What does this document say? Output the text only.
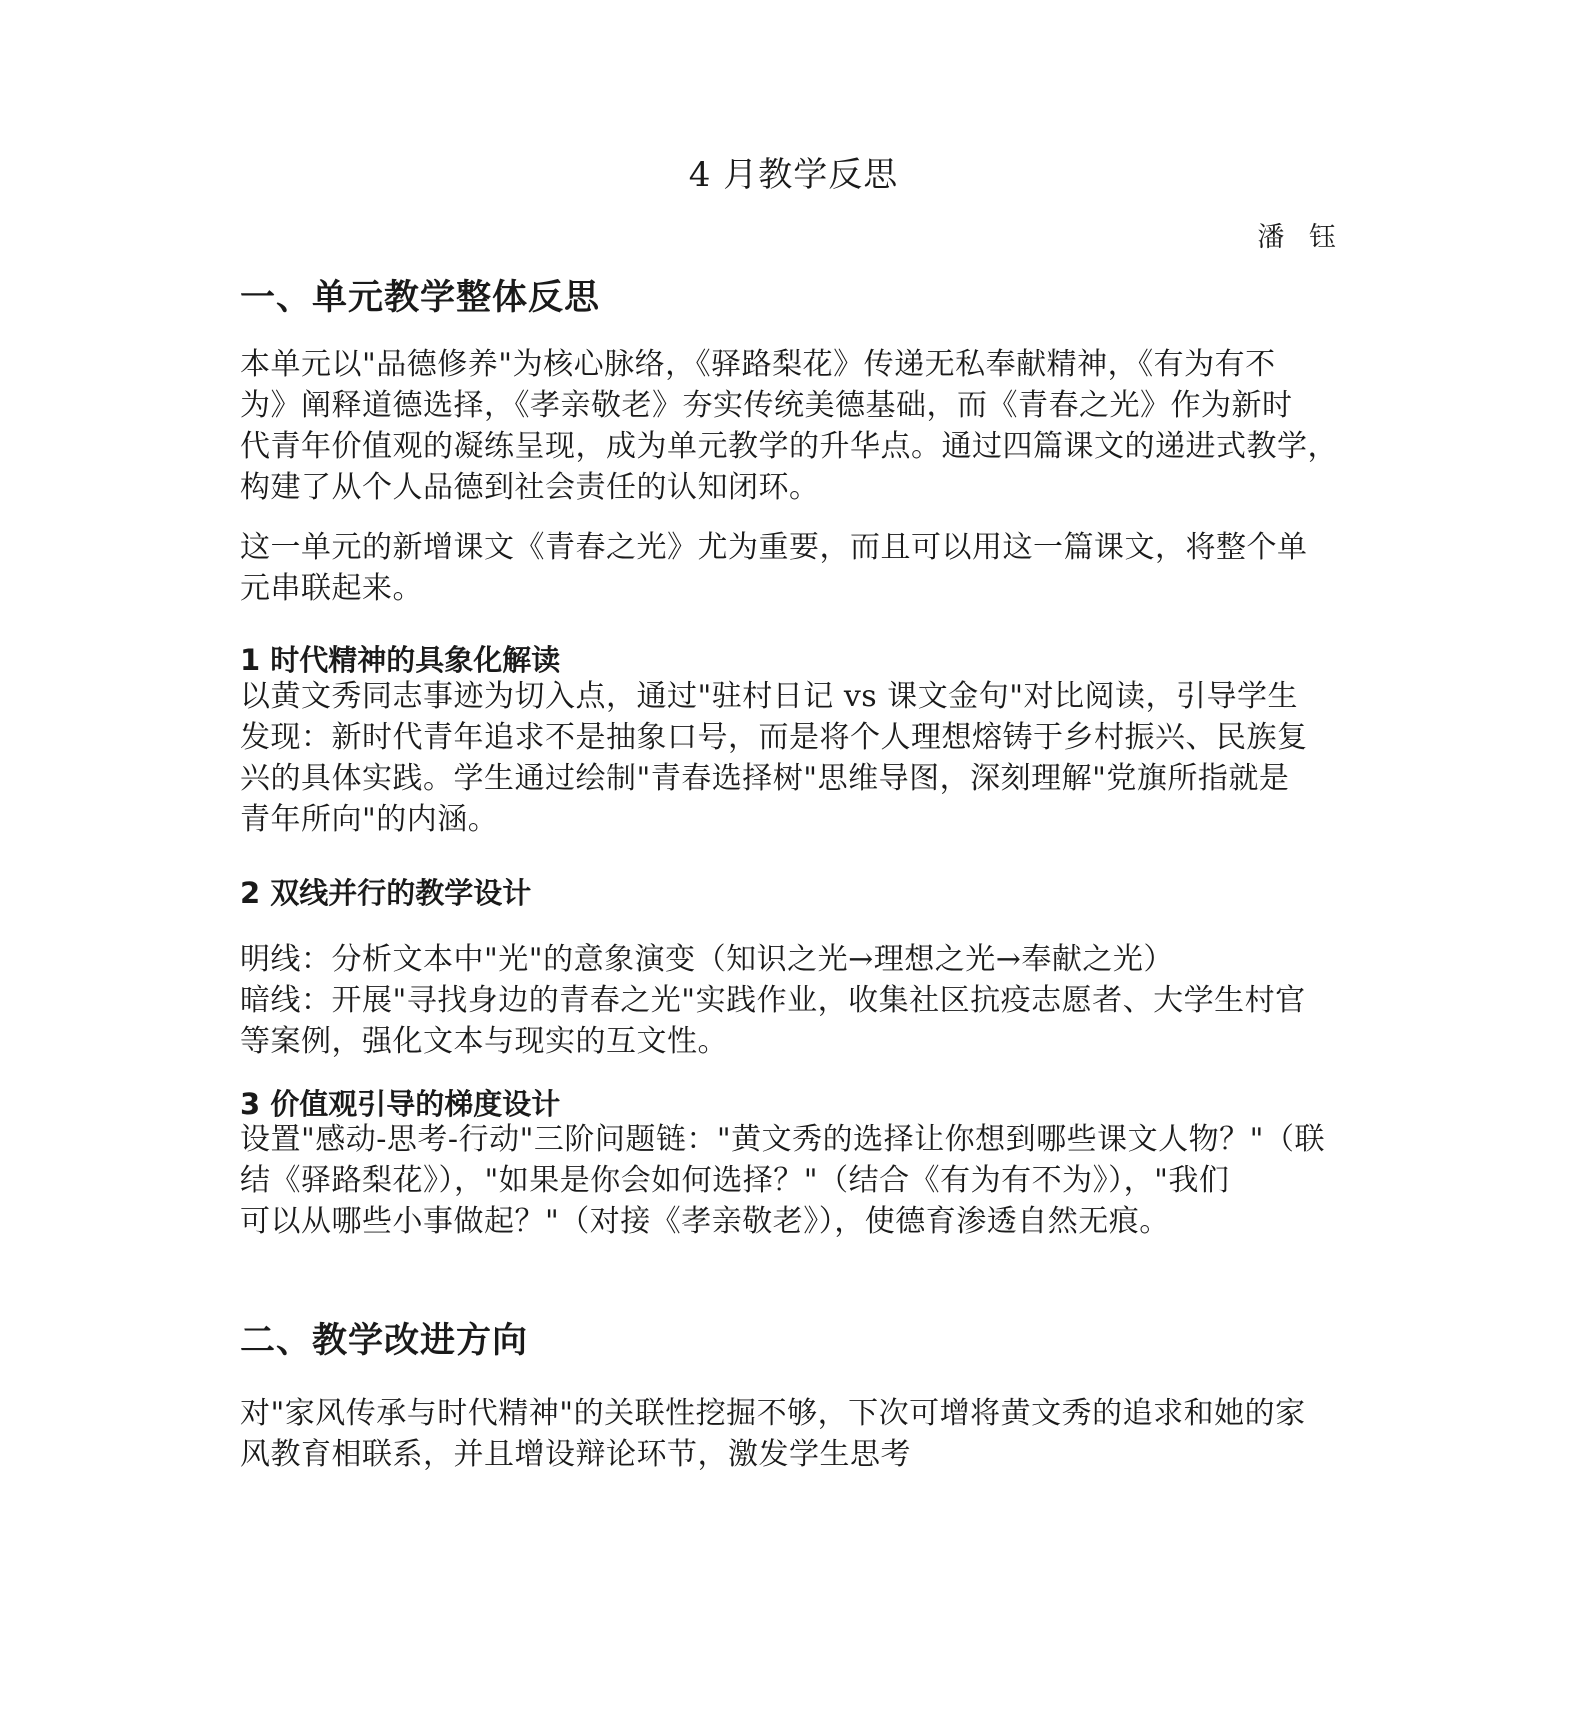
4 月教学反思
潘 钰
一、单元教学整体反思

本单元以"品德修养"为核心脉络，《驿路梨花》传递无私奉献精神，《有为有不
为》阐释道德选择，《孝亲敬老》夯实传统美德基础，而《青春之光》作为新时
代青年价值观的凝练呈现，成为单元教学的升华点。通过四篇课文的递进式教学，
构建了从个人品德到社会责任的认知闭环。

这一单元的新增课文《青春之光》尤为重要，而且可以用这一篇课文，将整个单
元串联起来。

1 时代精神的具象化解读

以黄文秀同志事迹为切入点，通过"驻村日记 vs 课文金句"对比阅读，引导学生
发现：新时代青年追求不是抽象口号，而是将个人理想熔铸于乡村振兴、民族复
兴的具体实践。学生通过绘制"青春选择树"思维导图，深刻理解"党旗所指就是
青年所向"的内涵。

2 双线并行的教学设计

明线：分析文本中"光"的意象演变（知识之光→理想之光→奉献之光）
暗线：开展"寻找身边的青春之光"实践作业，收集社区抗疫志愿者、大学生村官
等案例，强化文本与现实的互文性。

3 价值观引导的梯度设计

设置"感动-思考-行动"三阶问题链："黄文秀的选择让你想到哪些课文人物？"（联
结《驿路梨花》），"如果是你会如何选择？"（结合《有为有不为》），"我们
可以从哪些小事做起？"（对接《孝亲敬老》），使德育渗透自然无痕。

二、教学改进方向

对"家风传承与时代精神"的关联性挖掘不够，下次可增将黄文秀的追求和她的家
风教育相联系，并且增设辩论环节，激发学生思考
